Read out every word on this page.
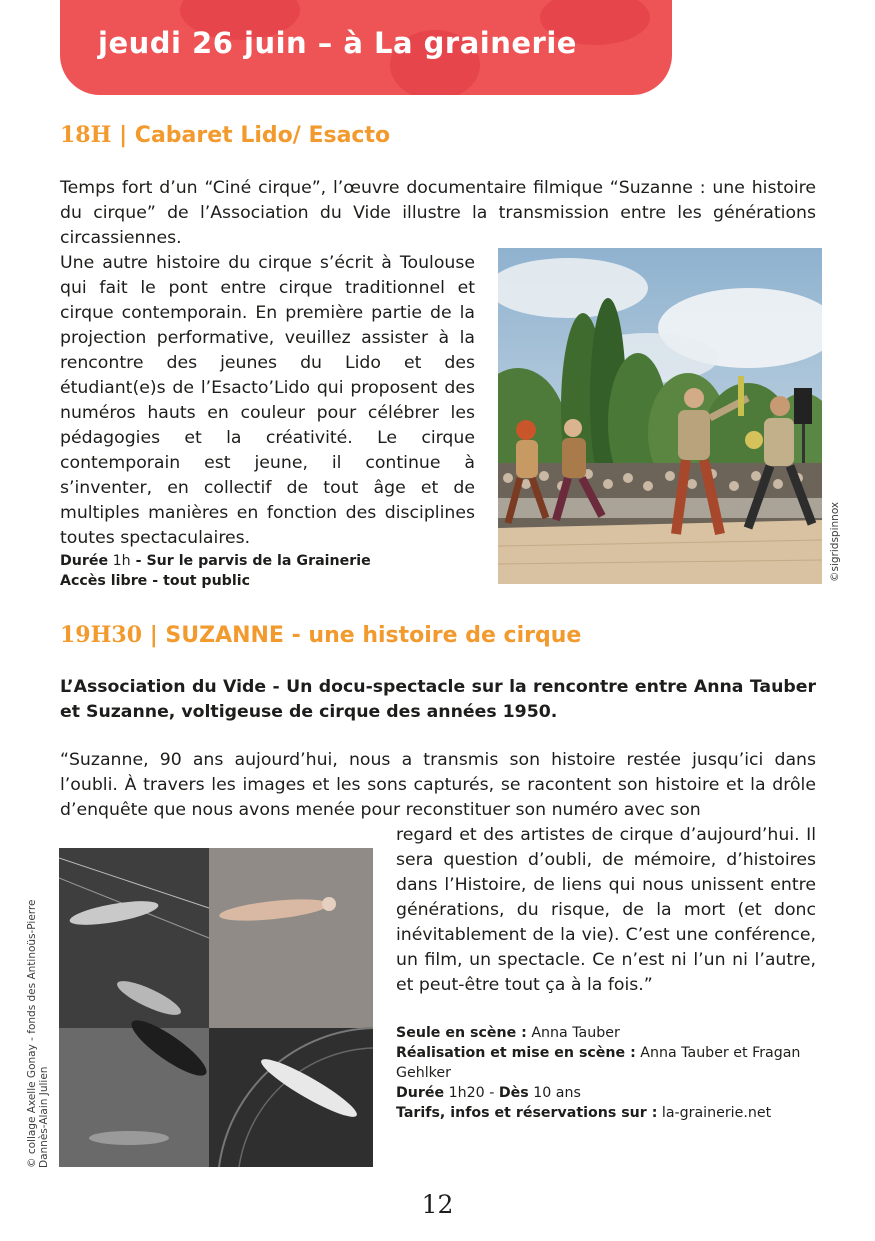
jeudi 26 juin – à La grainerie
18H | Cabaret Lido/ Esacto

Temps fort d’un “Ciné cirque”, l’œuvre documentaire filmique “Suzanne : une histoire du cirque” de l’Association du Vide illustre la transmission entre les générations circassiennes.

Une autre histoire du cirque s’écrit à Toulouse qui fait le pont entre cirque traditionnel et cirque contemporain. En première partie de la projection performative, veuillez assister à la rencontre des jeunes du Lido et des étudiant(e)s de l’Esacto’Lido qui proposent des numéros hauts en couleur pour célébrer les pédagogies et la créativité. Le cirque contemporain est jeune, il continue à s’inventer, en collectif de tout âge et de multiples manières en fonction des disciplines toutes spectaculaires.	©sigridspinnox
Durée 1h - Sur le parvis de la Grainerie
Accès libre - tout public
19H30 | SUZANNE - une histoire de cirque

L’Association du Vide - Un docu-spectacle sur la rencontre entre Anna Tauber et Suzanne, voltigeuse de cirque des années 1950.

“Suzanne, 90 ans aujourd’hui, nous a transmis son histoire restée jusqu’ici dans l’oubli. À travers les images et les sons capturés, se racontent son histoire et la drôle d’enquête que nous avons menée pour reconstituer son numéro avec son

regard et des artistes de cirque d’aujourd’hui. Il sera question d’oubli, de mémoire, d’histoires dans l’Histoire, de liens qui nous unissent entre générations, du risque, de la mort (et donc inévitablement de la vie). C’est une conférence, un film, un spectacle. Ce n’est ni l’un ni l’autre, et peut-être tout ça à la fois.”

© collage Axelle Gonay - fonds des Antinoüs-Pierre Dannès-Alain Julien
Seule en scène : Anna Tauber
Réalisation et mise en scène : Anna Tauber et Fragan Gehlker
Durée 1h20 - Dès 10 ans
Tarifs, infos et réservations sur : la-grainerie.net
12
